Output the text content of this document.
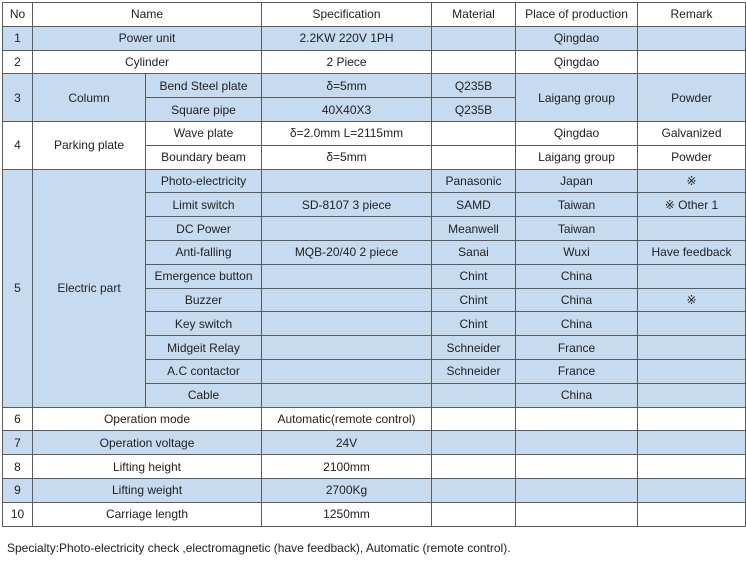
No	Name		Specification	Material	Place of production	Remark
1	Power unit		2.2KW 220V 1PH		Qingdao	
2	Cylinder		2 Piece		Qingdao	
3	Column	Bend Steel plate	δ=5mm	Q235B	Laigang group	Powder
		Square pipe	40X40X3	Q235B		
4	Parking plate	Wave plate	δ=2.0mm L=2115mm		Qingdao	Galvanized
		Boundary beam	δ=5mm		Laigang group	Powder
5	Electric part	Photo-electricity		Panasonic	Japan	※
		Limit switch	SD-8107 3 piece	SAMD	Taiwan	※ Other 1
		DC Power		Meanwell	Taiwan	
		Anti-falling	MQB-20/40 2 piece	Sanai	Wuxi	Have feedback
		Emergence button		Chint	China	
		Buzzer		Chint	China	※
		Key switch		Chint	China	
		Midgeit Relay		Schneider	France	
		A.C contactor		Schneider	France	
		Cable			China	
6	Operation mode		Automatic(remote control)			
7	Operation voltage		24V			
8	Lifting height		2100mm			
9	Lifting weight		2700Kg			
10	Carriage length		1250mm			
Specialty:Photo-electricity check ,electromagnetic (have feedback), Automatic (remote control).
